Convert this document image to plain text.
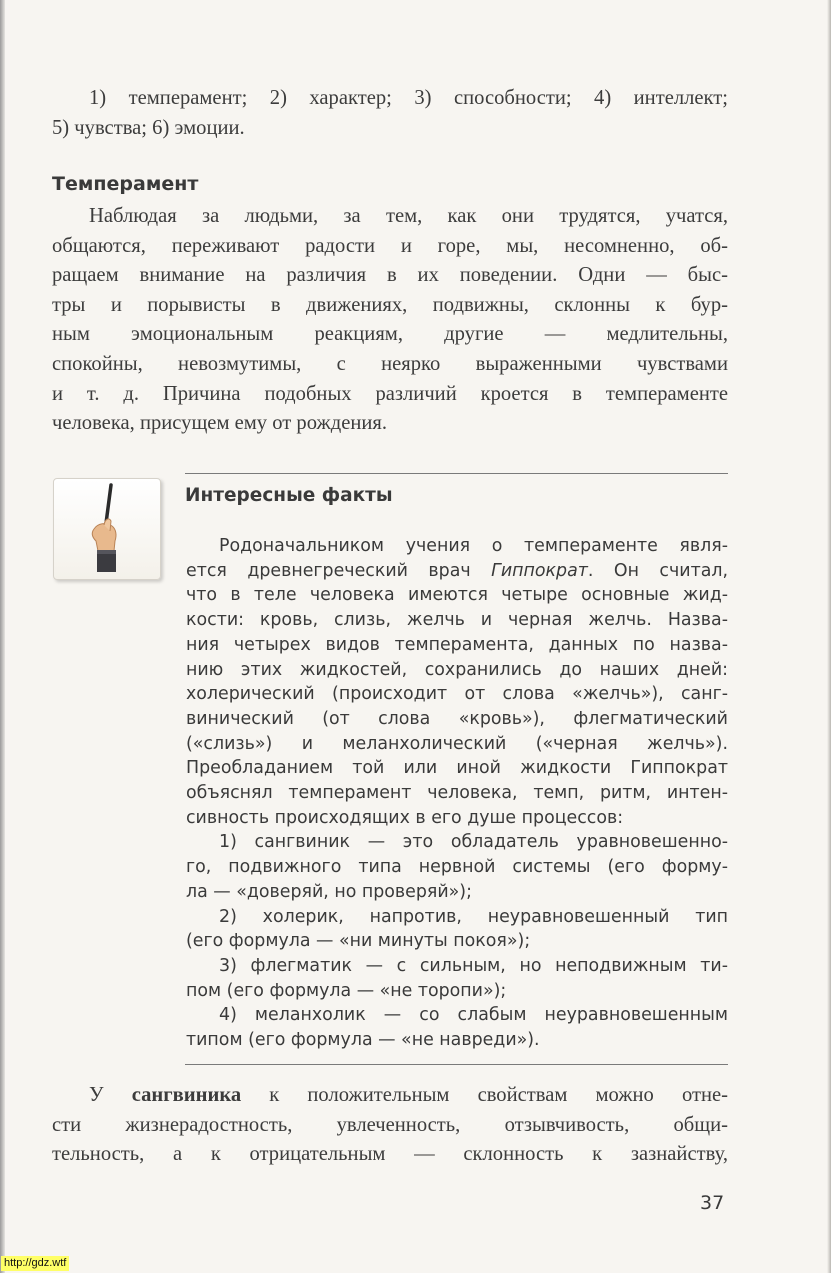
1) темперамент; 2) характер; 3) способности; 4) интеллект;
5) чувства; 6) эмоции.
Темперамент
Наблюдая за людьми, за тем, как они трудятся, учатся,
общаются, переживают радости и горе, мы, несомненно, об-
ращаем внимание на различия в их поведении. Одни — быс-
тры и порывисты в движениях, подвижны, склонны к бур-
ным эмоциональным реакциям, другие — медлительны,
спокойны, невозмутимы, с неярко выраженными чувствами
и т. д. Причина подобных различий кроется в темпераменте
человека, присущем ему от рождения.
Интересные факты
Родоначальником учения о темпераменте явля-
ется древнегреческий врач Гиппократ. Он считал,
что в теле человека имеются четыре основные жид-
кости: кровь, слизь, желчь и черная желчь. Назва-
ния четырех видов темперамента, данных по назва-
нию этих жидкостей, сохранились до наших дней:
холерический (происходит от слова «желчь»), санг-
винический (от слова «кровь»), флегматический
(«слизь») и меланхолический («черная желчь»).
Преобладанием той или иной жидкости Гиппократ
объяснял темперамент человека, темп, ритм, интен-
сивность происходящих в его душе процессов:
1) сангвиник — это обладатель уравновешенно-
го, подвижного типа нервной системы (его форму-
ла — «доверяй, но проверяй»);
2) холерик, напротив, неуравновешенный тип
(его формула — «ни минуты покоя»);
3) флегматик — с сильным, но неподвижным ти-
пом (его формула — «не торопи»);
4) меланхолик — со слабым неуравновешенным
типом (его формула — «не навреди»).
У сангвиника к положительным свойствам можно отне-
сти жизнерадостность, увлеченность, отзывчивость, общи-
тельность, а к отрицательным — склонность к зазнайству,
37
http://gdz.wtf
